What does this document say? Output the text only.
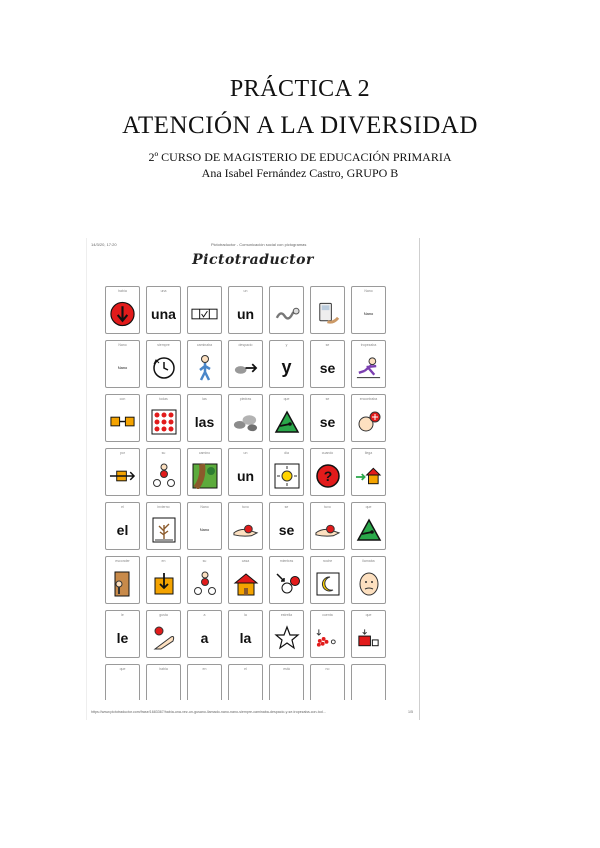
PRÁCTICA 2
ATENCIÓN A LA DIVERSIDAD
2º CURSO DE MAGISTERIO DE EDUCACIÓN PRIMARIA
Ana Isabel Fernández Castro, GRUPO B
14/3/20, 17:20	Pictotraductor - Comunicación social con pictogramas
Pictotraductor
había	una
una
un
un
Nano
Nano
Nano
Nano
siempre	caminaba	despacio	y
y
se
se
tropezaba
con	todas	las
las
piedras	que	se
se
encontraba
por	su	camino	un
un
día	cuando
?
llega
el
el
invierno	Nano
Nano
tuvo	se
se
tuvo	que
esconder	en	su	casa	mientras	noche	llamaba
le
le
gusta	a
a
la
la
estrella	cuenta	que
que	habla	en	el	está	no
https://www.pictotraductor.com/frase/1683367/había-una-vez-un-gusano-llamado-nano-nano-siempre-caminaba-despacio-y-se-tropezaba-con-tod...	1/5
